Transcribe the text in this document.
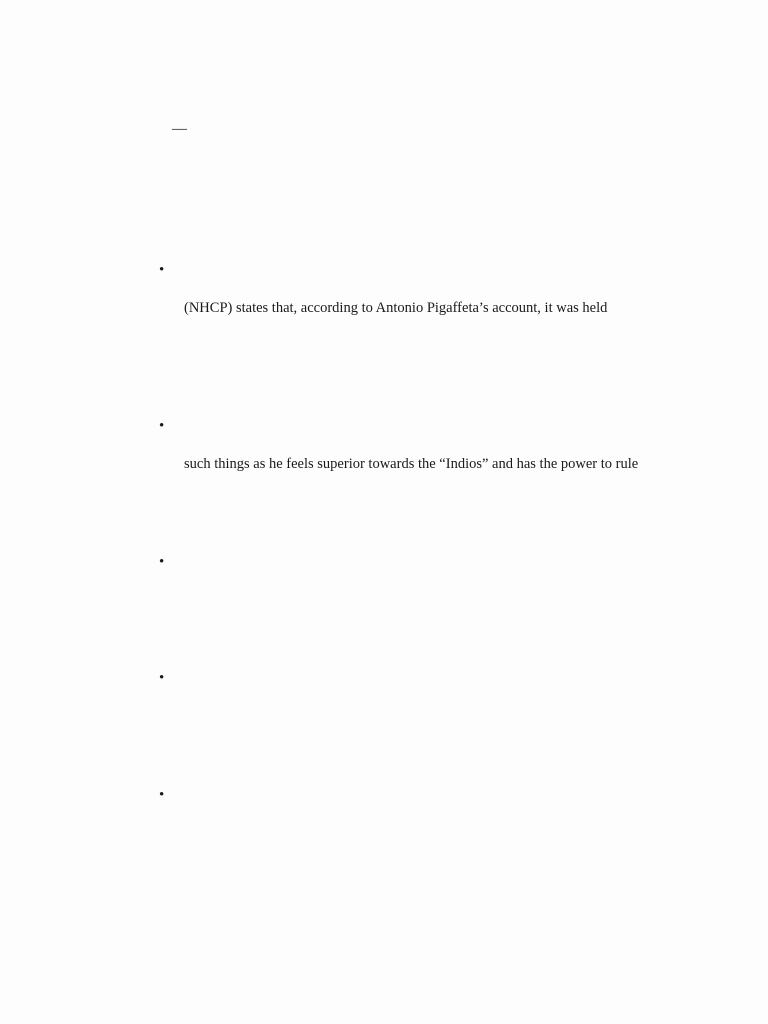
—
•
(NHCP) states that, according to Antonio Pigaffeta’s account, it was held
•
such things as he feels superior towards the “Indios” and has the power to rule
•
•
•
